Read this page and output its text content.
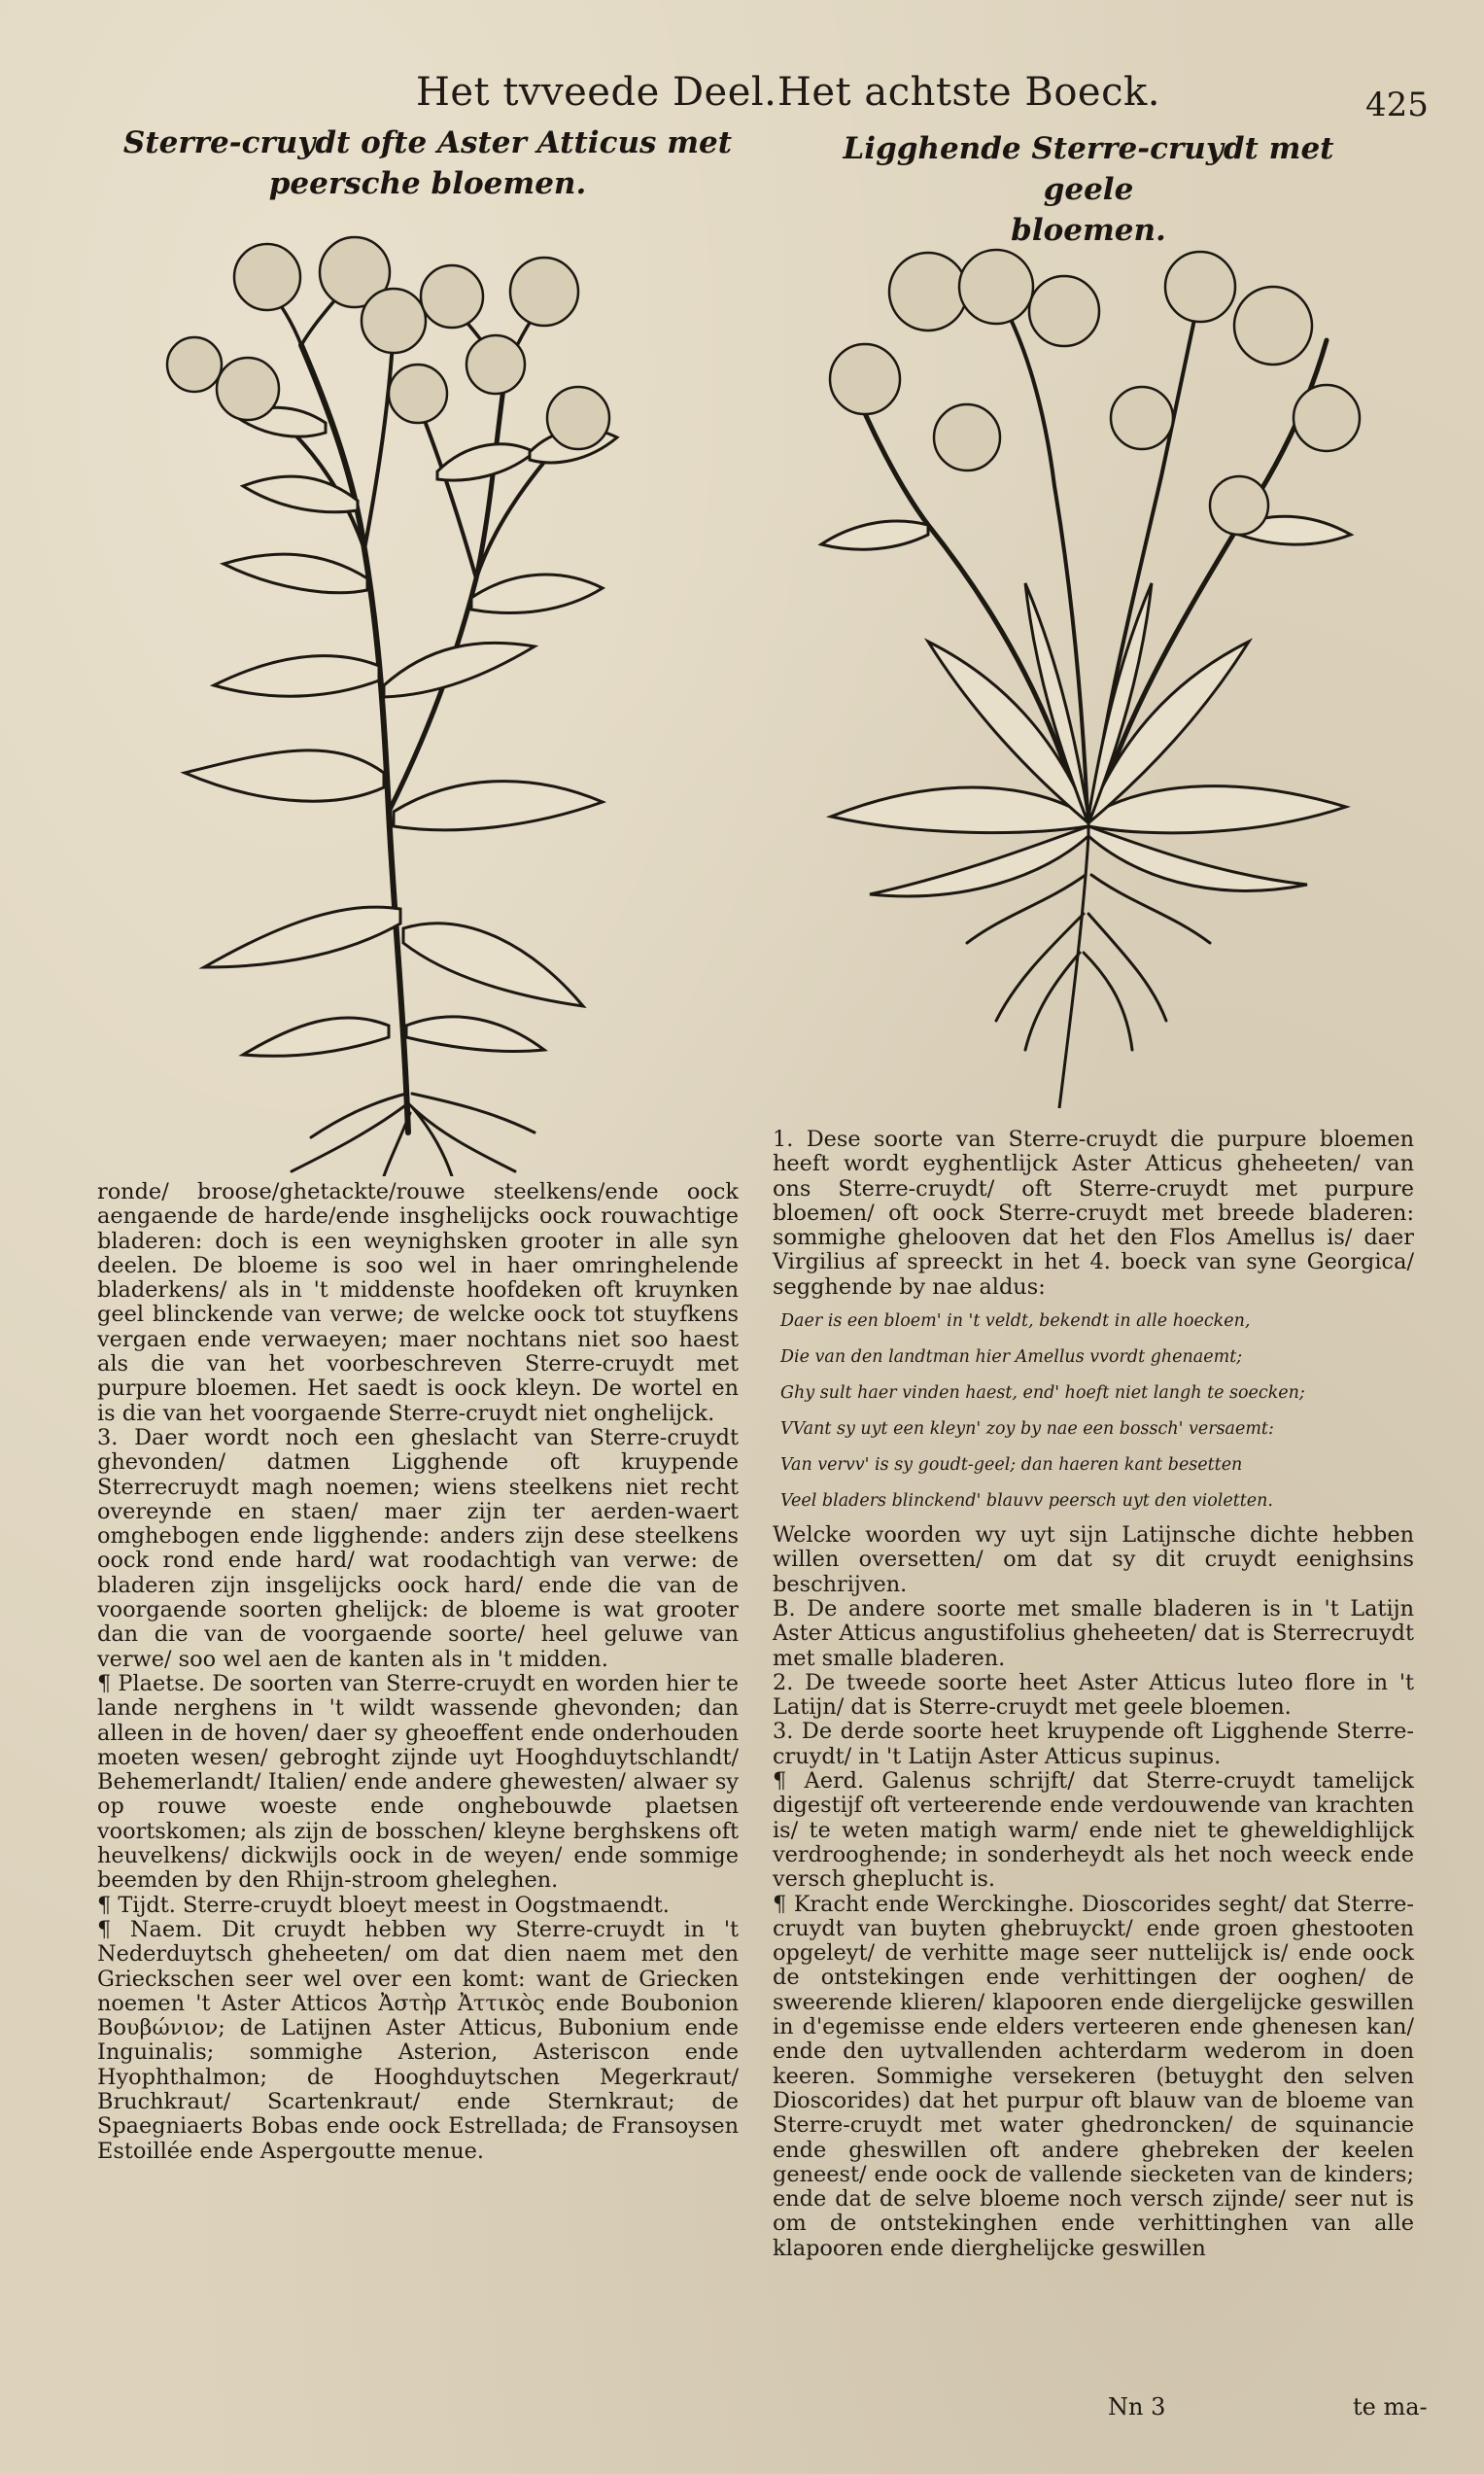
Het tvveede Deel. Het achtste Boeck.	425
Sterre-cruydt ofte Aster Atticus met
peersche bloemen.
Ligghende Sterre-cruydt met geele
bloemen.

ronde/ broose/ghetackte/rouwe steelkens/ende oock aengaende de harde/ende insghelijcks oock rouwachtige bladeren: doch is een weynighsken grooter in alle syn deelen. De bloeme is soo wel in haer omringhelende bladerkens/ als in 't middenste hoofdeken oft kruynken geel blinckende van verwe; de welcke oock tot stuyfkens vergaen ende verwaeyen; maer nochtans niet soo haest als die van het voorbeschreven Sterre-cruydt met purpure bloemen. Het saedt is oock kleyn. De wortel en is die van het voorgaende Sterre-cruydt niet onghelijck.

3. Daer wordt noch een gheslacht van Sterre-cruydt ghevonden/ datmen Ligghende oft kruypende Sterrecruydt magh noemen; wiens steelkens niet recht overeynde en staen/ maer zijn ter aerden-waert omghebogen ende ligghende: anders zijn dese steelkens oock rond ende hard/ wat roodachtigh van verwe: de bladeren zijn insgelijcks oock hard/ ende die van de voorgaende soorten ghelijck: de bloeme is wat grooter dan die van de voorgaende soorte/ heel geluwe van verwe/ soo wel aen de kanten als in 't midden.

¶ Plaetse. De soorten van Sterre-cruydt en worden hier te lande nerghens in 't wildt wassende ghevonden; dan alleen in de hoven/ daer sy gheoeffent ende onderhouden moeten wesen/ gebroght zijnde uyt Hooghduytschlandt/ Behemerlandt/ Italien/ ende andere ghewesten/ alwaer sy op rouwe woeste ende onghebouwde plaetsen voortskomen; als zijn de bosschen/ kleyne berghskens oft heuvelkens/ dickwijls oock in de weyen/ ende sommige beemden by den Rhijn-stroom gheleghen.

¶ Tijdt. Sterre-cruydt bloeyt meest in Oogstmaendt.

¶ Naem. Dit cruydt hebben wy Sterre-cruydt in 't Nederduytsch gheheeten/ om dat dien naem met den Grieckschen seer wel over een komt: want de Griecken noemen 't Aster Atticos Ἀστὴρ Ἀττικὸς ende Boubonion Βουβώνιον; de Latijnen Aster Atticus, Bubonium ende Inguinalis; sommighe Asterion, Asteriscon ende Hyophthalmon; de Hooghduytschen Megerkraut/ Bruchkraut/ Scartenkraut/ ende Sternkraut; de Spaegniaerts Bobas ende oock Estrellada; de Fransoysen Estoillée ende Aspergoutte menue.

1. Dese soorte van Sterre-cruydt die purpure bloemen heeft wordt eyghentlijck Aster Atticus gheheeten/ van ons Sterre-cruydt/ oft Sterre-cruydt met purpure bloemen/ oft oock Sterre-cruydt met breede bladeren: sommighe ghelooven dat het den Flos Amellus is/ daer Virgilius af spreeckt in het 4. boeck van syne Georgica/ segghende by nae aldus:

Daer is een bloem' in 't veldt, bekendt in alle hoecken,

Die van den landtman hier Amellus vvordt ghenaemt;

Ghy sult haer vinden haest, end' hoeft niet langh te soecken;

VVant sy uyt een kleyn' zoy by nae een bossch' versaemt:

Van vervv' is sy goudt-geel; dan haeren kant besetten

Veel bladers blinckend' blauvv peersch uyt den violetten.

Welcke woorden wy uyt sijn Latijnsche dichte hebben willen oversetten/ om dat sy dit cruydt eenighsins beschrijven.

B. De andere soorte met smalle bladeren is in 't Latijn Aster Atticus angustifolius gheheeten/ dat is Sterrecruydt met smalle bladeren.

2. De tweede soorte heet Aster Atticus luteo flore in 't Latijn/ dat is Sterre-cruydt met geele bloemen.

3. De derde soorte heet kruypende oft Ligghende Sterre-cruydt/ in 't Latijn Aster Atticus supinus.

¶ Aerd. Galenus schrijft/ dat Sterre-cruydt tamelijck digestijf oft verteerende ende verdouwende van krachten is/ te weten matigh warm/ ende niet te gheweldighlijck verdrooghende; in sonderheydt als het noch weeck ende versch gheplucht is.

¶ Kracht ende Werckinghe. Dioscorides seght/ dat Sterre-cruydt van buyten ghebruyckt/ ende groen ghestooten opgeleyt/ de verhitte mage seer nuttelijck is/ ende oock de ontstekingen ende verhittingen der ooghen/ de sweerende klieren/ klapooren ende diergelijcke geswillen in d'egemisse ende elders verteeren ende ghenesen kan/ ende den uytvallenden achterdarm wederom in doen keeren. Sommighe versekeren (betuyght den selven Dioscorides) dat het purpur oft blauw van de bloeme van Sterre-cruydt met water ghedroncken/ de squinancie ende gheswillen oft andere ghebreken der keelen geneest/ ende oock de vallende siecketen van de kinders; ende dat de selve bloeme noch versch zijnde/ seer nut is om de ontstekinghen ende verhittinghen van alle klapooren ende dierghelijcke geswillen

Nn 3	te ma-
